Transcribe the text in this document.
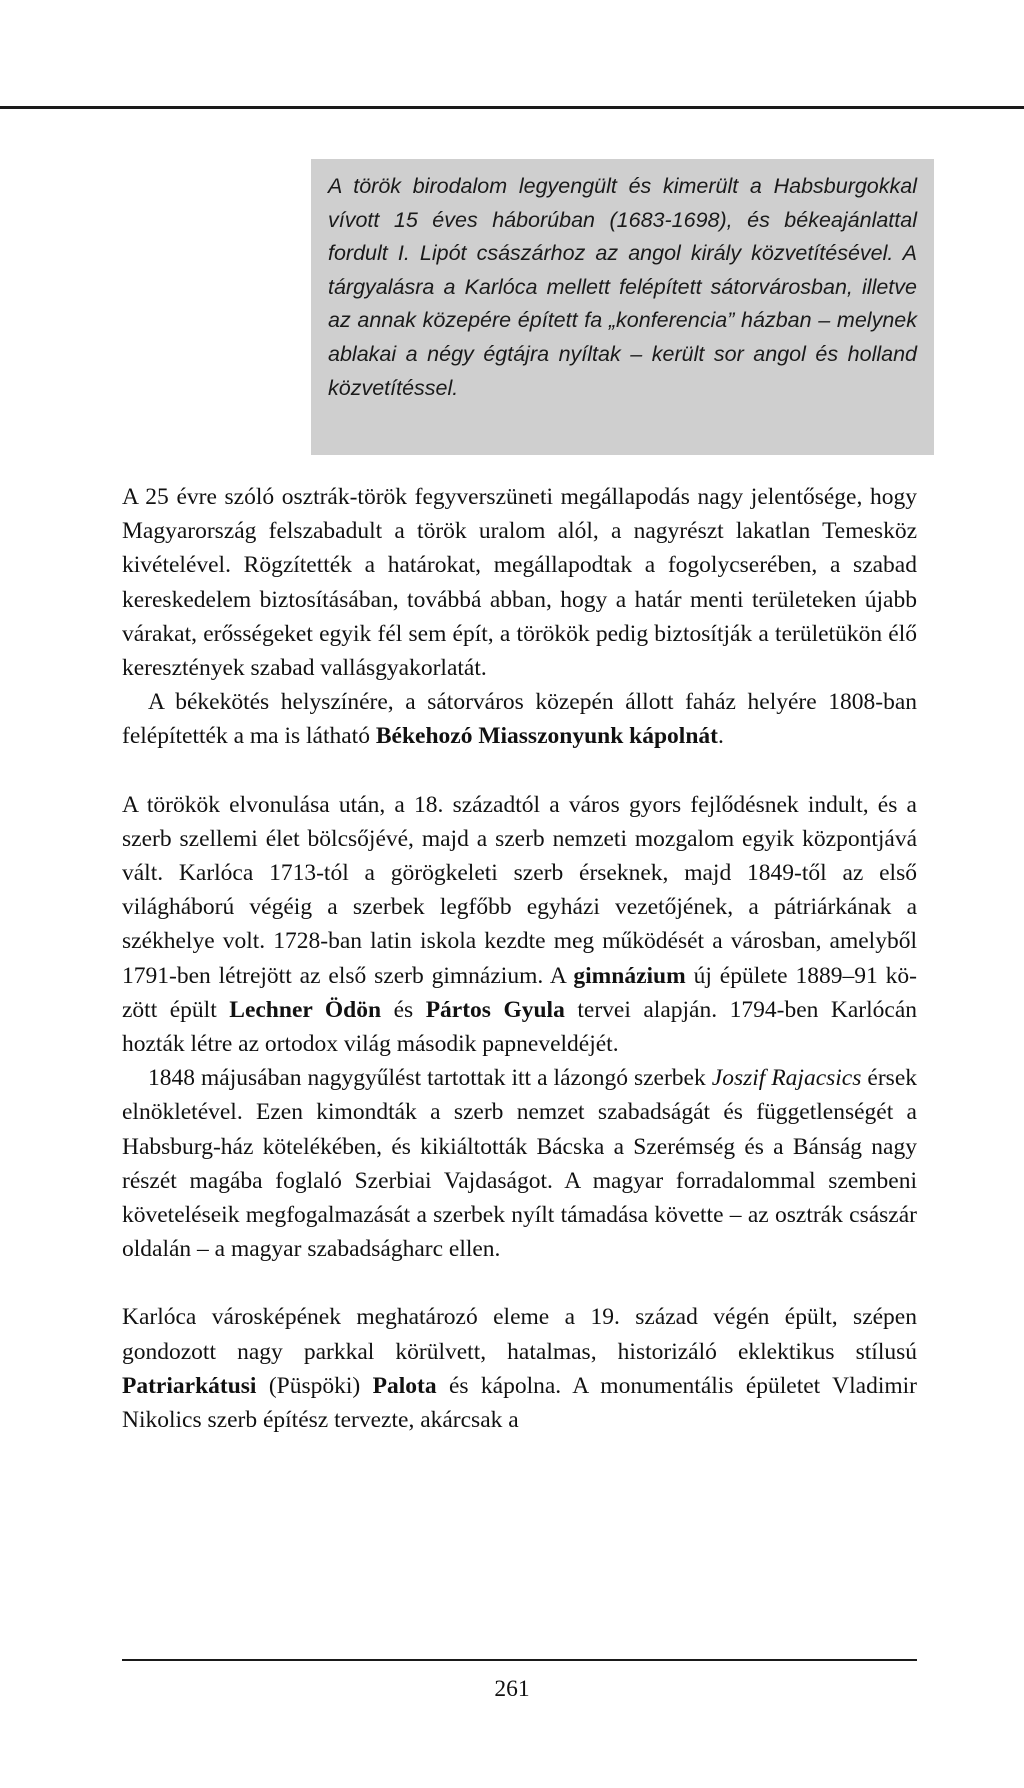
A török birodalom legyengült és kimerült a Habsburgokkal vívott 15 éves háborúban (1683-1698), és békeajánlattal fordult I. Lipót császárhoz az angol király közvetítésével. A tárgyalásra a Karlóca mellett felépített sátorvárosban, illetve az annak közepére épített fa „konferencia” házban – melynek ablakai a négy égtájra nyíltak – került sor angol és holland közvetítéssel.

A 25 évre szóló osztrák-török fegyverszüneti megállapodás nagy jelentősége, hogy Magyarország felszabadult a török uralom alól, a nagyrészt lakatlan Temesköz kivételével. Rögzítették a határokat, megállapodtak a fogolycserében, a szabad kereskedelem biztosításában, továbbá abban, hogy a határ menti területeken újabb várakat, erősségeket egyik fél sem épít, a törökök pedig biztosítják a területükön élő keresztények szabad vallásgyakorlatát.

A békekötés helyszínére, a sátorváros közepén állott faház helyére 1808-ban felépítették a ma is látható Békehozó Miasszonyunk kápolnát.

A törökök elvonulása után, a 18. századtól a város gyors fejlődésnek indult, és a szerb szellemi élet bölcsőjévé, majd a szerb nemzeti mozgalom egyik központjává vált. Karlóca 1713-tól a görögkeleti szerb érseknek, majd 1849-től az első világháború végéig a szerbek legfőbb egyházi vezetőjének, a pátriárkának a székhelye volt. 1728-ban latin iskola kezdte meg működését a városban, amelyből 1791-ben létrejött az első szerb gimnázium. A gimnázium új épülete 1889–91 között épült Lechner Ödön és Pártos Gyula tervei alapján. 1794-ben Karlócán hozták létre az ortodox világ második papneveldéjét.

1848 májusában nagygyűlést tartottak itt a lázongó szerbek Joszif Rajacsics érsek elnökletével. Ezen kimondták a szerb nemzet szabadságát és függetlenségét a Habsburg-ház kötelékében, és kikiáltották Bácska a Szerémség és a Bánság nagy részét magába foglaló Szerbiai Vajdaságot. A magyar forradalommal szembeni követeléseik megfogalmazását a szerbek nyílt támadása követte – az osztrák császár oldalán – a magyar szabadságharc ellen.

Karlóca városképének meghatározó eleme a 19. század végén épült, szépen gondozott nagy parkkal körülvett, hatalmas, historizáló eklektikus stílusú Patriarkátusi (Püspöki) Palota és kápolna. A monumentális épületet Vladimir Nikolics szerb építész tervezte, akárcsak a

261
